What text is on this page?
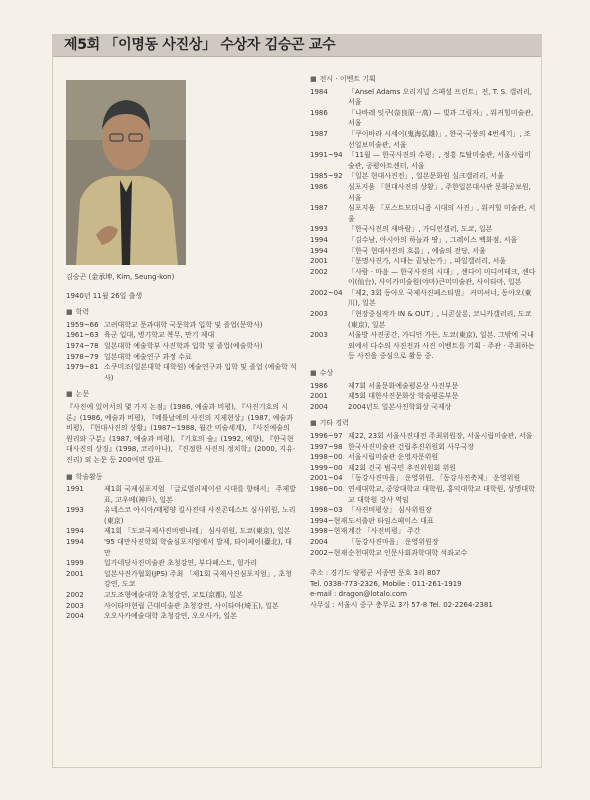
제5회 「이명동 사진상」 수상자 김승곤 교수
김승곤 (金承坤, Kim, Seung-kon)
1940년 11월 26일 출생
■ 학력
1959~66 고려대학교 문과대학 국문학과 입학 및 졸업(문학사)
1961~63 육군 입대, 병기학교 복무, 만기 제대
1974~78 일본대학 예술학부 사진학과 입학 및 졸업(예술학사)
1978~79 일본대학 예술연구 과정 수료
1979~81 소쿠미조(일본대학 대학원) 예술연구과 입학 및 졸업 (예술학 석사)
■ 논문

『사진에 있어서의 몇 가지 논점』(1986, 예술과 비평), 『사진기호의 시론』(1986, 예술과 비평), 『메틀날에의 사진의 지제현상』(1987, 예술과 비평), 『현대사진의 상황』(1987~1988, 월간 미술세계), 『사진예술의 원리와 구분』(1987, 예술과 비평), 『기호의 숲』(1992, 예향), 『한국현대사진의 상징』(1998, 코리아나), 『진정한 사진의 정치학』(2000, 지유·진리) 외 논문 등 200여편 발표.

■ 학술활동
1991	제1회 국제심포지엄 「글로벌리제이션 시대를 향해서」 주제발표, 고우베(神戶), 일본
1993	유네스코 아시아/태평양 킬사진대 사진콘테스트 심사위원, 노리(東京)
1994	제1회 「도쿄국제사진비엔나레」 심사위원, 도쿄(東京), 일본
1994	'95 대만사진학회 학술심포지엄에서 발제, 타이페이(臺北), 대만
1999	일가네당사진미술관 초청강연, 부다페스트, 헝가리
2001	일본사진가협회(JPS) 주최 「제1회 국제사진심포지엄」, 초청강연, 도쿄
2002	고도조형예술대학 초청강연, 교토(京都), 일본
2003	사이타마현립 근대미술관 초청강연, 사이타마(埼玉), 일본
2004	오오사카예술대학 초청강연, 오오사카, 일본
■ 전시 · 이벤트 기획
1984	「Ansel Adams 오리지널 스페셜 프린트」전, T. S. 갤러리, 서울
1986	「나바레 잇쿠(奈良原一高) — 빛과 그림자」, 워커힐미술관, 서울
1987	「쿠이바라 시세이(鬼海弘雄)」, 한국·국풍의 4번세기」, 조선일보미술관, 서울
1991~94 「11월 — 한국사진의 수평」, 정흥 토탈미술관, 서울시립미술관, 공평아트센터, 서울
1985~92 「일본 현대사진전」, 일본문화원 실크갤러리, 서울
1986	심포지움 「현대사진의 상황」, 주한일본대사관 문화공보원, 서울
1987	심포지움 「포스트모더니즘 시대의 사진」, 워커힐 미술관, 서울
1993	「한국사진의 새바람」, 가디언갤러, 도쿄, 일본
1994	「김수남, 아시아의 하늘과 땅」, 그레이스 백화점, 서울
1994	「한국 현대사진의 흐름」, 예술의 전당, 서울
2001	「문명사진가, 시대는 끝났는가」, 파일갤러리, 서울
2002	「사람 · 마음 — 한국사진의 시대」, 센다이 미디어테크, 센다이(仙台), 사이카미술원(야마)큰미미술관, 사이타마, 일본
2002~04 「제2, 3회 동아오 국제사진페스티벌」 커미셔너, 동아오(東川), 일본
2003	「현장중심작가 IN & OUT」, 니콘살롱, 코니카갤러리, 도쿄(東京), 일본
2003	서울방 사진공간, 가디언 가든, 도쿄(東京), 일본. 그밖에 국내외에서 다수의 사진전과 사진 이벤트를 기획 · 주관 · 주최하는 등 사진을 중심으로 활동 중.
■ 수상
1986	제7회 서울문화예술평론상 사진부문
2001	제5회 대한사진문화상 학술평론부문
2004	2004년도 일본사진학회상 국제상
■ 기타 경력
1996~97 제22, 23회 서울사진대전 주최위원장, 서울시립미술관, 서울
1997~98 한국사진미술관 건립추진위원회 사무국장
1998~00 서울시립미술관 운영자문위원
1999~00 제2회 건국 범국민 추진위원회 위원
2001~04 「동강사진마을」 운영위원, 「동강사진축제」 운영위원
1986~00 연세대학교, 중앙대학교 대학원, 홍익대학교 대학원, 상명대학교 대학원 강사 역임
1998~03 「사진비평상」 심사위원장
1994~현재 도서출판 타임스페이스 대표
1998~현재 계간 「사진비평」 주간
2004	「동강사진마을」 운영위원장
2002~현재 순천대학교 인문사회과학대학 석좌교수
주소 : 경기도 양평군 서종면 문호 3리 807
Tel. 0338-773-2326, Mobile : 011-261-1919
e-mail : dragon@lotalo.com
사무실 : 서울시 중구 충무로 3가 57-8 Tel. 02-2264-2381
